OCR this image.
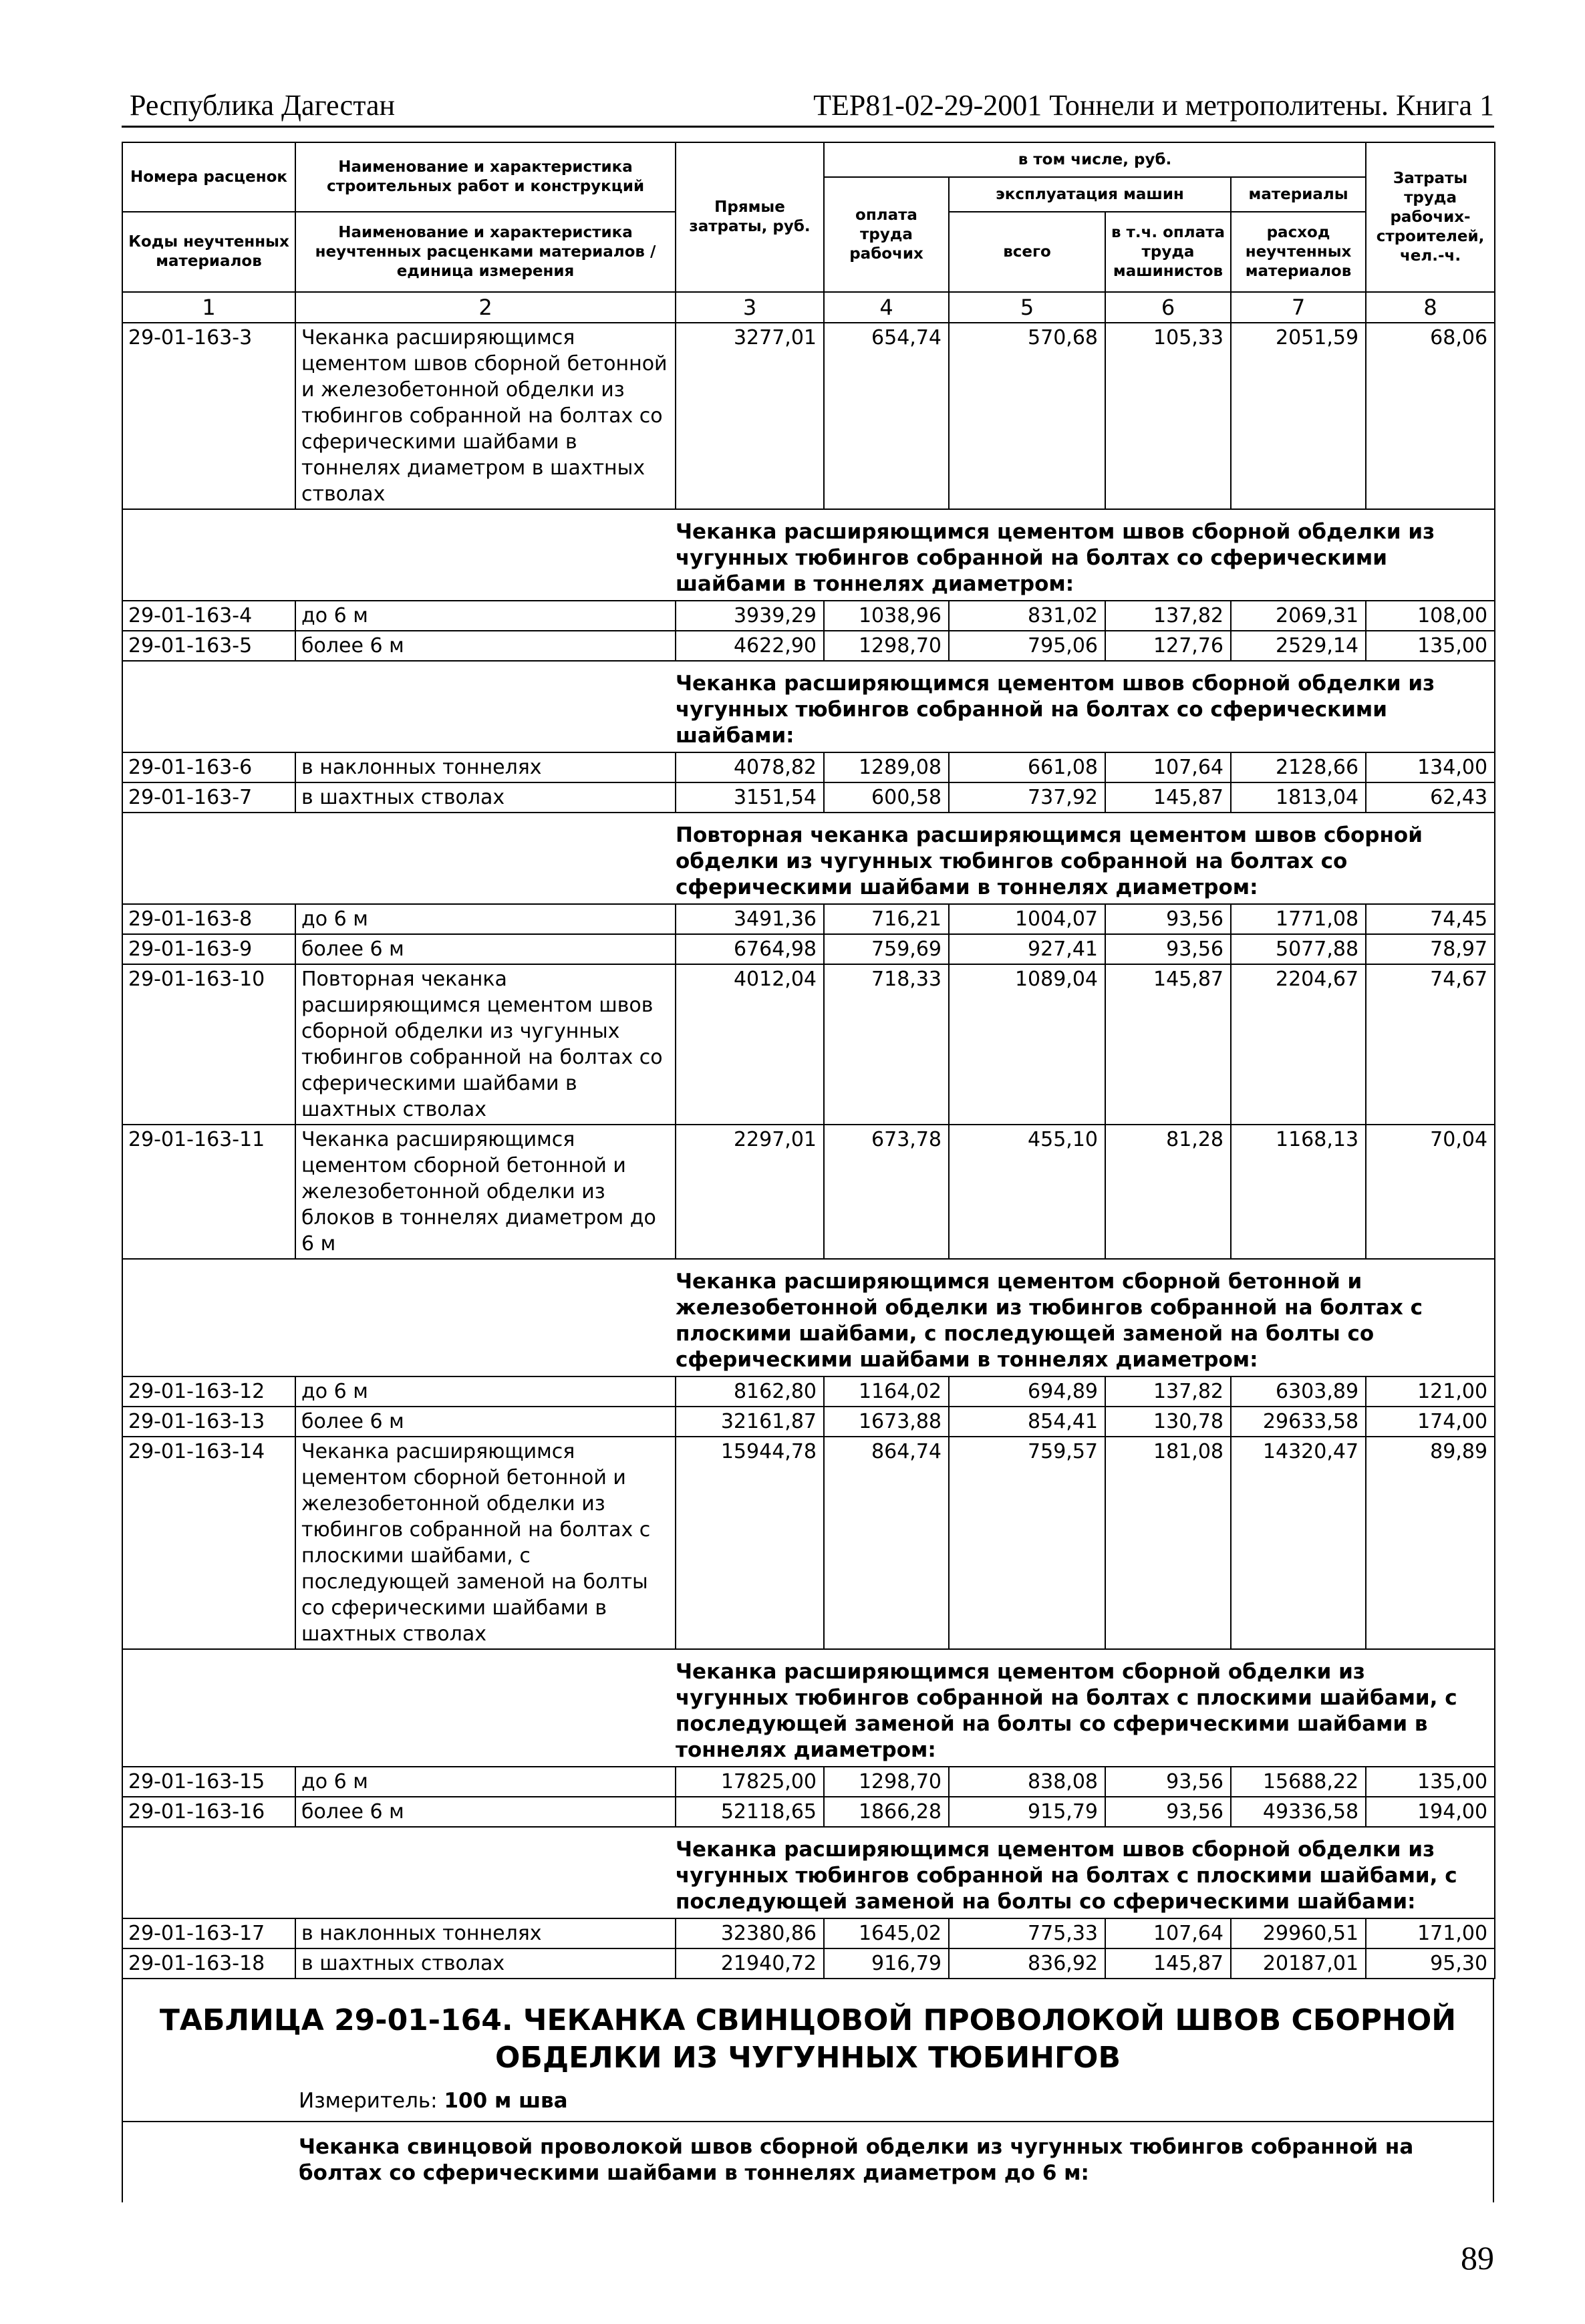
Республика Дагестан	ТЕР81-02-29-2001 Тоннели и метрополитены. Книга 1
Номера расценок	Наименование и характеристика строительных работ и конструкций	Прямые затраты, руб.	в том числе, руб.				Затраты труда рабочих-строителей, чел.-ч.
			оплата труда рабочих	эксплуатация машин		материалы	
Коды неучтенных материалов	Наименование и характеристика неучтенных расценками материалов / единица измерения			всего	в т.ч. оплата труда машинистов	расход неучтенных материалов	

1	2	3	4	5	6	7	8
29-01-163-3	Чеканка расширяющимся цементом швов сборной бетонной и железобетонной обделки из тюбингов собранной на болтах со сферическими шайбами в тоннелях диаметром в шахтных стволах	3277,01	654,74	570,68	105,33	2051,59	68,06
		Чеканка расширяющимся цементом швов сборной обделки из чугунных тюбингов собранной на болтах со сферическими шайбами в тоннелях диаметром:					
29-01-163-4	до 6 м	3939,29	1038,96	831,02	137,82	2069,31	108,00
29-01-163-5	более 6 м	4622,90	1298,70	795,06	127,76	2529,14	135,00
		Чеканка расширяющимся цементом швов сборной обделки из чугунных тюбингов собранной на болтах со сферическими шайбами:					
29-01-163-6	в наклонных тоннелях	4078,82	1289,08	661,08	107,64	2128,66	134,00
29-01-163-7	в шахтных стволах	3151,54	600,58	737,92	145,87	1813,04	62,43
		Повторная чеканка расширяющимся цементом швов сборной обделки из чугунных тюбингов собранной на болтах со сферическими шайбами в тоннелях диаметром:					
29-01-163-8	до 6 м	3491,36	716,21	1004,07	93,56	1771,08	74,45
29-01-163-9	более 6 м	6764,98	759,69	927,41	93,56	5077,88	78,97
29-01-163-10	Повторная чеканка расширяющимся цементом швов сборной обделки из чугунных тюбингов собранной на болтах со сферическими шайбами в шахтных стволах	4012,04	718,33	1089,04	145,87	2204,67	74,67
29-01-163-11	Чеканка расширяющимся цементом сборной бетонной и железобетонной обделки из блоков в тоннелях диаметром до 6 м	2297,01	673,78	455,10	81,28	1168,13	70,04
		Чеканка расширяющимся цементом сборной бетонной и железобетонной обделки из тюбингов собранной на болтах с плоскими шайбами, с последующей заменой на болты со сферическими шайбами в тоннелях диаметром:					
29-01-163-12	до 6 м	8162,80	1164,02	694,89	137,82	6303,89	121,00
29-01-163-13	более 6 м	32161,87	1673,88	854,41	130,78	29633,58	174,00
29-01-163-14	Чеканка расширяющимся цементом сборной бетонной и железобетонной обделки из тюбингов собранной на болтах с плоскими шайбами, с последующей заменой на болты со сферическими шайбами в шахтных стволах	15944,78	864,74	759,57	181,08	14320,47	89,89
		Чеканка расширяющимся цементом сборной обделки из чугунных тюбингов собранной на болтах с плоскими шайбами, с последующей заменой на болты со сферическими шайбами в тоннелях диаметром:					
29-01-163-15	до 6 м	17825,00	1298,70	838,08	93,56	15688,22	135,00
29-01-163-16	более 6 м	52118,65	1866,28	915,79	93,56	49336,58	194,00
		Чеканка расширяющимся цементом швов сборной обделки из чугунных тюбингов собранной на болтах с плоскими шайбами, с последующей заменой на болты со сферическими шайбами:					
29-01-163-17	в наклонных тоннелях	32380,86	1645,02	775,33	107,64	29960,51	171,00
29-01-163-18	в шахтных стволах	21940,72	916,79	836,92	145,87	20187,01	95,30
ТАБЛИЦА 29-01-164. ЧЕКАНКА СВИНЦОВОЙ ПРОВОЛОКОЙ ШВОВ СБОРНОЙ ОБДЕЛКИ ИЗ ЧУГУННЫХ ТЮБИНГОВ
Измеритель: 100 м шва
Чеканка свинцовой проволокой швов сборной обделки из чугунных тюбингов собранной на болтах со сферическими шайбами в тоннелях диаметром до 6 м:
89
